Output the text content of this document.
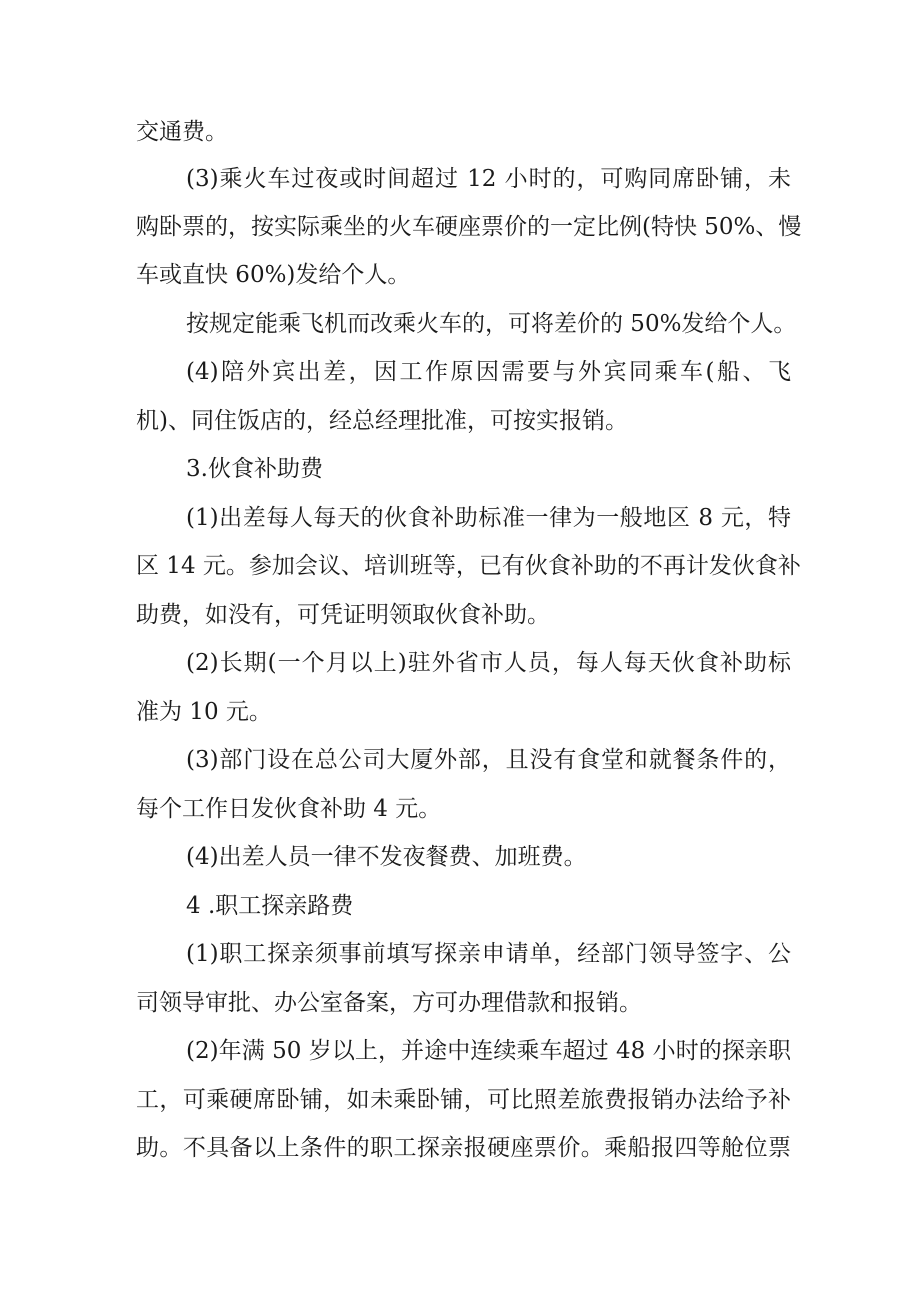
交通费。
(3)乘火车过夜或时间超过 12 小时的，可购同席卧铺，未
购卧票的，按实际乘坐的火车硬座票价的一定比例(特快 50%、慢
车或直快 60%)发给个人。
按规定能乘飞机而改乘火车的，可将差价的 50%发给个人。
(4)陪外宾出差，因工作原因需要与外宾同乘车(船、飞
机)、同住饭店的，经总经理批准，可按实报销。
3.伙食补助费
(1)出差每人每天的伙食补助标准一律为一般地区 8 元，特
区 14 元。参加会议、培训班等，已有伙食补助的不再计发伙食补
助费，如没有，可凭证明领取伙食补助。
(2)长期(一个月以上)驻外省市人员，每人每天伙食补助标
准为 10 元。
(3)部门设在总公司大厦外部，且没有食堂和就餐条件的，
每个工作日发伙食补助 4 元。
(4)出差人员一律不发夜餐费、加班费。
4 .职工探亲路费
(1)职工探亲须事前填写探亲申请单，经部门领导签字、公
司领导审批、办公室备案，方可办理借款和报销。
(2)年满 50 岁以上，并途中连续乘车超过 48 小时的探亲职
工，可乘硬席卧铺，如未乘卧铺，可比照差旅费报销办法给予补
助。不具备以上条件的职工探亲报硬座票价。乘船报四等舱位票
